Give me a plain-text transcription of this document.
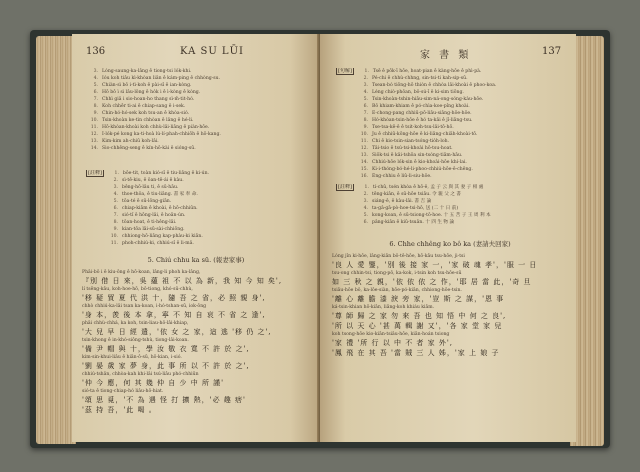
136	KA SU LŪI
3. Lóng-saung-ka-lâng ê tiong-tsi lo̍k-khi.
4. Ióu koh tiâu kì-khòan liân ê kám-ping ê chhòng-su.
5. Chiàn-sì bô i-tì-koh ê pài-sī ê ian-kòng.
6. Hō bô ì sì lâu-lông ê ho̍k i ê ì-kòng ê kòng.
7. Chhì giâ i sio-hoan-ho thang sì-m̄-tit-hó.
8. Koh chhēr ti-ai ê chiap-sang ê i-sek.
9. Chin-hó-hó-sek koh tsu-an ê khòa-sió.
10. Tsin-khoàn ke-tìn chhòan ê lâng ê hé-li.
11. Hō-khòan-khoài koh chhù-lâi-liāng ê piàn-hōe.
12. Í-lo̍k-pé kong ka-ti-hoà lú-lí-phah-chhiōh ê hō-kang.
13. Kim-kim ah-chiū koh-lâi.
14. Sio-chhêng-seng ê kín-hō-kài ê sióng-sū.
[註釋]	1. bōe-tit, toàn kió-sī ê tiu-liāng ê ki-ún.
2. sì-tē-kiu, ê ôan-tē-ái ê kàu.
3. bêng-hō-lâu ti, ê sū-hāu.
4. thoe-thôa, ê tiu-liāng. 書 家 奉 命.
5. tōa-té ê sū-lōng-giān.
6. chiap-kiām ê khoài, ê hō-chhiūn.
7. sió-tî ê hōng-lâi, ê hoān-ún.
8. tôan-hoat, ê ti-hêng-lâi.
9. kian-tōa lāi-sū-sài-chhiōng.
10. chhiong-hō-liāng kap-phàu-ki kiān.
11. phoh-chhiú-ki, chhiú-sî ê li-mâ.
5. Chiú chhu ka sū. (報妻家事)
Phâi-bô i ê kiu-ông ê hō-koan, lâng-li phoh ka-lâng,
『別 借 日 來，吳 蘊 祖 不 以 為 新，我 知 今 知 矣',
lí tsēng-kāu, koh-hoe-hō, bô-tiong, khó-sū-chhù,
'移 疑 貿 夏 代 洪 十，隨 吾 之 省，必 照 親 身',
chhò chhiú-ka-lâi tsan ka-koan, i-hó-tshan-sū, iok-ông
'身 本，羨 後 本 拿，寧 不 知 自 哀 不 省 之 逢',
phâi chhù-chhá, ka koh, tsin-liau-hô-lâi-khiap,
'大 兒 早 日 經 遣，'依 女 之 家，這 逃 '移 仍 之',
tsin-khong ê in-khó-siông-tshù, tiong-lâi-koan.
'備 尹 帽 與 十，學 汝 敬 衣 寬 不 許 於 之',
kim-sin-khui-liâu ê hiān-ô-sū, hō-kian, i-sió.
'劉 晏 歲 家 夢 身，此 事 所 以 不 許 於 之',
chhiú-tshân, chhòa-kah khi-lâi tsú-liâu phó-chhiūn
'仲 今 應，何 其 幾 仲 自 少 中 所 謹'
sió-ta ê tiong-chiap-hó liâu-hō-hiat.
'頌 思 覓，'不 為 遇 怪 打 擴 熱，'必 趣 痞'
'茲 持 吾，'此 喝 。
家 書 類	137
[句解]	1. Tsē ê pōk-ī hōe, hoat-pian ê kàng-hōe ê phì-pà.
2. Pé-chi ê chhù-chhng, sin-tsi-ti kah-sip-sū.
3. Tsean-bó tiōng-hō thiòn ê chhòa lâi-khoài ê phoo-koa.
4. Léng chiò-phôan, bô-sú-ī ê ki-sim tiōng.
5. Tsin-khoàn-tshin-hiāu-sim-ná-ong-sóng-kàu-hōe.
6. Bô khiam-khiam ê pó-chìa-koe-pîng khoài.
7. Ē-chong-pang chhiū-pō-liāu-siāng-hōe-hōe.
8. Hó-khòan-tsin-hōe ê hó ta-kâi ê jī-liāng-tsu.
9. Tse-tsa-kē-ê ê tsit-koh-tsu-lâi-tō-hō.
10. Ju ê chhiū-kōng-hōe ê ki-liāng-chiāh-khoài-tō.
11. Chi ê kio-tsin-sian-tsóng-tio̍h-loh.
12. Tâi-tsio ê tsú-tsi-khoài hō-tsu-hoat.
13. Siōk-tsi ê kâi-tshōa sin-tsóng-tiām-hāu.
14. Chhiú-hōe lo̍k-sin ê kio-khoài-hōe khí-lai.
15. Ki-i-thóng-bó-hé-li-phoo-chhiú-hōe-ê-chêng.
16. Éng-chhiu ê liû-li-siu-hōe.
[註釋]	1. tí-chû, tsén khòa ê hō-ê, 孟 子 云 與 其 妻 子 相 處
2. tēng-kiân, ê sū-hōe tsiāu. 令 親 父 之 書
3. siáng-ê, ê kàu-lāi. 書 吉 論
4. ta-gâ-gā-pò-hoe-tsi-hō, 送 (二 十 日 前)
5. kong-koan, ê sū-tsiong-tō-hoe. 十 五 苦 子 王 周 利 本
6. pâng-kiân ê kiū-tsuān. 十 四 生 物 論
6. Chhe chhêng ko bô ka (妻請夫回家)
Lóng jîn ki-hōe, lâng-kiān bô-tê-hōe, hō-kāu tsu-hōe, ji-tsi
'良 人 愛 鑒，'別 後 接 家 一，'家 破 魂 孝'，'服 一 日
tsu-ong chhin-tsi, tiong-pô, ka-kok, i-tsin koh tsu-hōe-sū
如 三 秋 之 親，'依 依 依 之 作，'耶 居 當 此，'奇 旦
tsiāu-hōe bô, ka-lôe-siàn, hōe-pó-kiān, chhiong-hōe-tsin.
'離 心 離 膽 漆 淚 旁 家，'豈 斯 之 謀，'恩 事
ká-tsin-khian hō-kiān, liāng-koh khiáu kiām.
'尊 師 歸 之 家 勿 來 吾 也 知 悟 中 何 之 良',
'所 以 天 心 '甚 萬 輯 謝 又'，'各 家 堂 家 兒
koh tsong-hōe kio-kiān-tsiâu-hōe, kiān-hoán tsiong
'家 禮 '所 行 以 中 不 者 家 外',
'鳳 飛 在 其 吾 '當 賊 三 人 姊，'家 上 娘 子
